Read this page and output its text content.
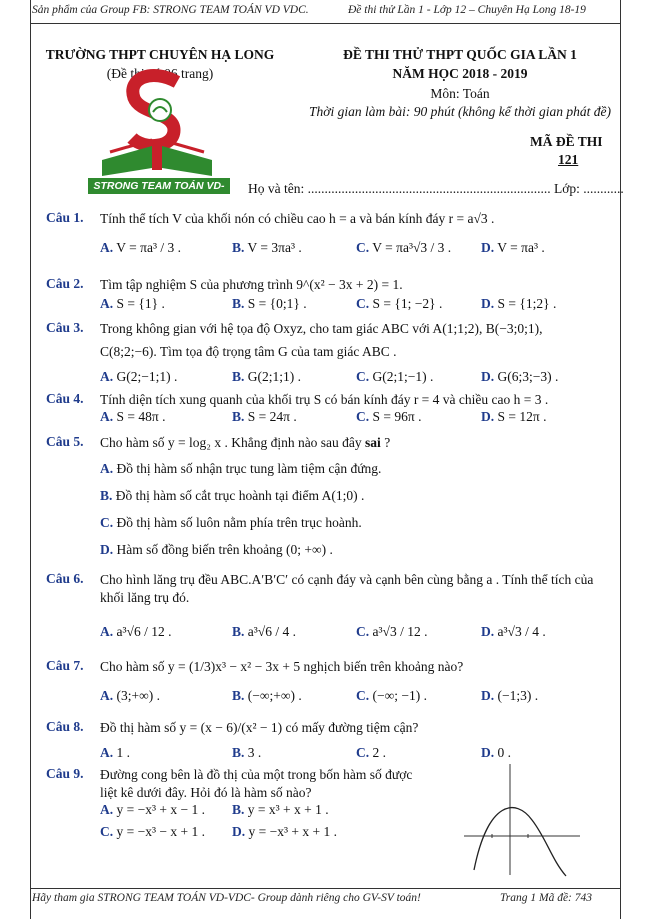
Sản phẩm của Group FB: STRONG TEAM TOÁN VD VDC.	Đề thi thử Lần 1 - Lớp 12 – Chuyên Hạ Long 18-19
TRƯỜNG THPT CHUYÊN HẠ LONG
(Đề thi có 06 trang)
ĐỀ THI THỬ THPT QUỐC GIA LẦN 1
NĂM HỌC 2018 - 2019
Môn: Toán
Thời gian làm bài: 90 phút (không kể thời gian phát đề)
MÃ ĐỀ THI
121
STRONG TEAM TOÁN VD-VDC
Họ và tên: ........................................................................ Lớp: ............
Câu 1. Tính thể tích V của khối nón có chiều cao h = a và bán kính đáy r = a√3 .
A. V = πa³ / 3 .	B. V = 3πa³ .	C. V = πa³√3 / 3 . D. V = πa³ .
Câu 2. Tìm tập nghiệm S của phương trình 9^(x² − 3x + 2) = 1.
A. S = {1} .	B. S = {0;1} .	C. S = {1; −2} .	D. S = {1;2} .
Câu 3. Trong không gian với hệ tọa độ Oxyz, cho tam giác ABC với A(1;1;2), B(−3;0;1),
C(8;2;−6). Tìm tọa độ trọng tâm G của tam giác ABC .
A. G(2;−1;1) .	B. G(2;1;1) .	C. G(2;1;−1) .	D. G(6;3;−3) .
Câu 4. Tính diện tích xung quanh của khối trụ S có bán kính đáy r = 4 và chiều cao h = 3 .
A. S = 48π .	B. S = 24π .	C. S = 96π .	D. S = 12π .
Câu 5. Cho hàm số y = log₂ x . Khẳng định nào sau đây sai ?
A. Đồ thị hàm số nhận trục tung làm tiệm cận đứng.
B. Đồ thị hàm số cắt trục hoành tại điểm A(1;0) .
C. Đồ thị hàm số luôn nằm phía trên trục hoành.
D. Hàm số đồng biến trên khoảng (0; +∞) .
Câu 6. Cho hình lăng trụ đều ABC.A′B′C′ có cạnh đáy và cạnh bên cùng bằng a . Tính thể tích của
khối lăng trụ đó.
A. a³√6 / 12 .	B. a³√6 / 4 .	C. a³√3 / 12 .	D. a³√3 / 4 .
Câu 7. Cho hàm số y = (1/3)x³ − x² − 3x + 5 nghịch biến trên khoảng nào?
A. (3;+∞) .	B. (−∞;+∞) .	C. (−∞; −1) .	D. (−1;3) .
Câu 8. Đồ thị hàm số y = (x − 6)/(x² − 1) có mấy đường tiệm cận?
A. 1 .	B. 3 .	C. 2 .	D. 0 .
Câu 9. Đường cong bên là đồ thị của một trong bốn hàm số được
liệt kê dưới đây. Hỏi đó là hàm số nào?
A. y = −x³ + x − 1 . B. y = x³ + x + 1 .
C. y = −x³ − x + 1 . D. y = −x³ + x + 1 .
Hãy tham gia STRONG TEAM TOÁN VD-VDC- Group dành riêng cho GV-SV toán!	Trang 1 Mã đề: 743
